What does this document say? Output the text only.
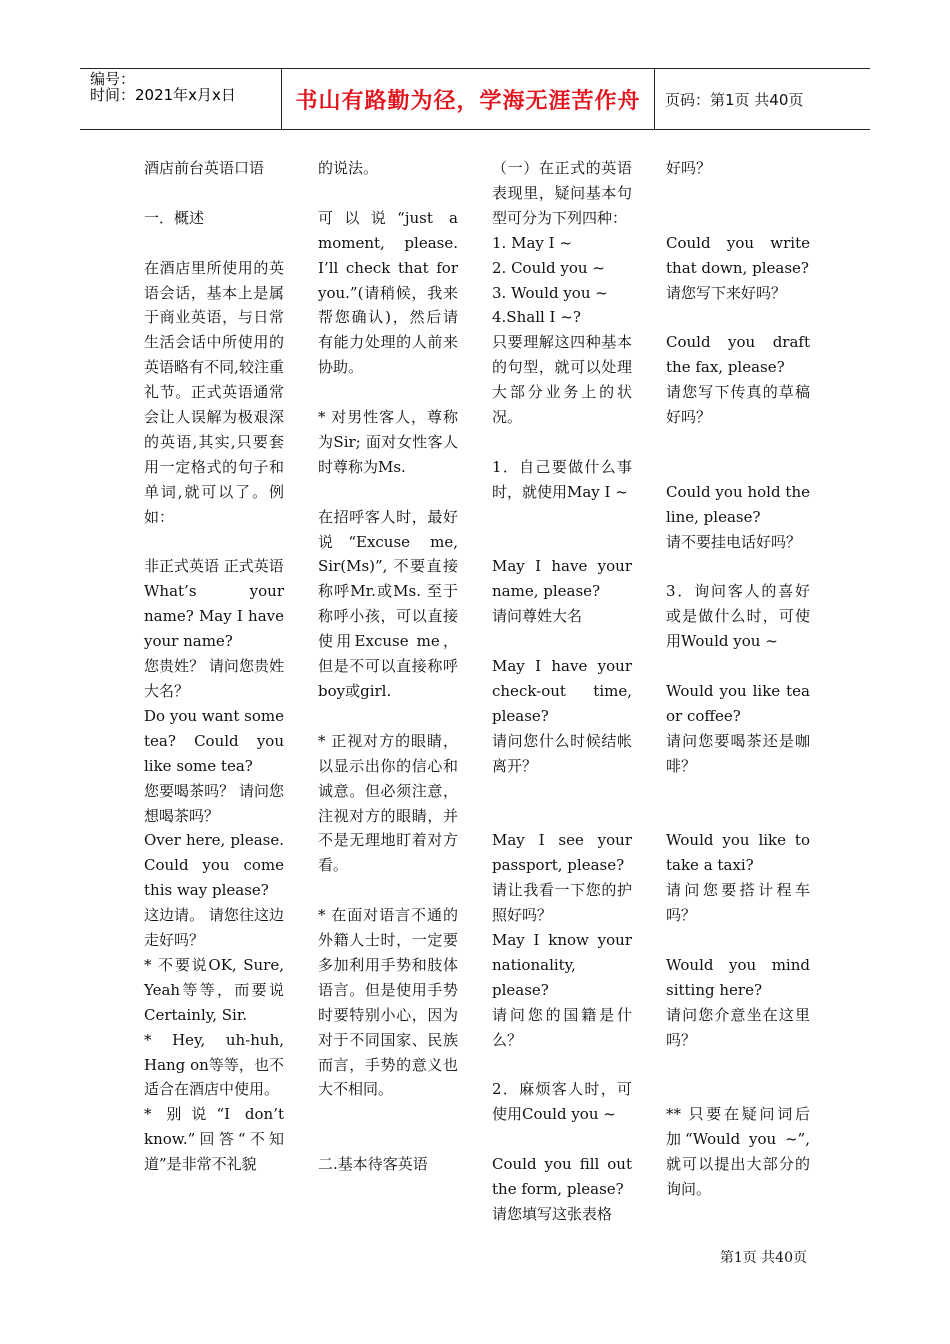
编号：
时间：2021年x月x日	书山有路勤为径，学海无涯苦作舟 页码：第1页 共40页

酒店前台英语口语

一．概述

在酒店里所使用的英语会话，基本上是属于商业英语，与日常生活会话中所使用的英语略有不同,较注重礼节。正式英语通常会让人误解为极艰深的英语,其实,只要套用一定格式的句子和单词,就可以了。例如：

非正式英语 正式英语

What’s your name? May I have your name?

您贵姓？ 请问您贵姓大名？

Do you want some tea? Could you like some tea?

您要喝茶吗？ 请问您想喝茶吗？

Over here, please. Could you come this way please?

这边请。 请您往这边走好吗？

* 不要说OK, Sure, Yeah等等，而要说Certainly, Sir.

* Hey, uh-huh, Hang on等等，也不适合在酒店中使用。

* 别说“I don’t know.”回答“不知道”是非常不礼貌

的说法。

可以说“just a moment, please. I’ll check that for you.”(请稍候，我来帮您确认)，然后请有能力处理的人前来协助。

* 对男性客人，尊称为Sir; 面对女性客人时尊称为Ms.

在招呼客人时，最好说“Excuse me, Sir(Ms)”, 不要直接称呼Mr.或Ms. 至于称呼小孩，可以直接使用Excuse me，但是不可以直接称呼boy或girl.

* 正视对方的眼睛，以显示出你的信心和诚意。但必须注意，注视对方的眼睛，并不是无理地盯着对方看。

* 在面对语言不通的外籍人士时，一定要多加利用手势和肢体语言。但是使用手势时要特别小心，因为对于不同国家、民族而言，手势的意义也大不相同。

二.基本待客英语

（一）在正式的英语表现里，疑问基本句型可分为下列四种：

1. May I ~

2. Could you ~

3. Would you ~

4.Shall I ~?

只要理解这四种基本的句型，就可以处理大部分业务上的状况。

1．自己要做什么事时，就使用May I ~

May I have your name, please?

请问尊姓大名

May I have your check-out time, please?

请问您什么时候结帐离开？

May I see your passport, please?

请让我看一下您的护照好吗？

May I know your nationality, please?

请问您的国籍是什么？

2．麻烦客人时，可使用Could you ~

Could you fill out the form, please?

请您填写这张表格

好吗？

Could you write that down, please?

请您写下来好吗？

Could you draft the fax, please?

请您写下传真的草稿好吗？

Could you hold the line, please?

请不要挂电话好吗？

3．询问客人的喜好或是做什么时，可使用Would you ~

Would you like tea or coffee?

请问您要喝茶还是咖啡？

Would you like to take a taxi?

请问您要搭计程车吗？

Would you mind sitting here?

请问您介意坐在这里吗？

** 只要在疑问词后加“Would you ~”,就可以提出大部分的询问。

第1页 共40页
